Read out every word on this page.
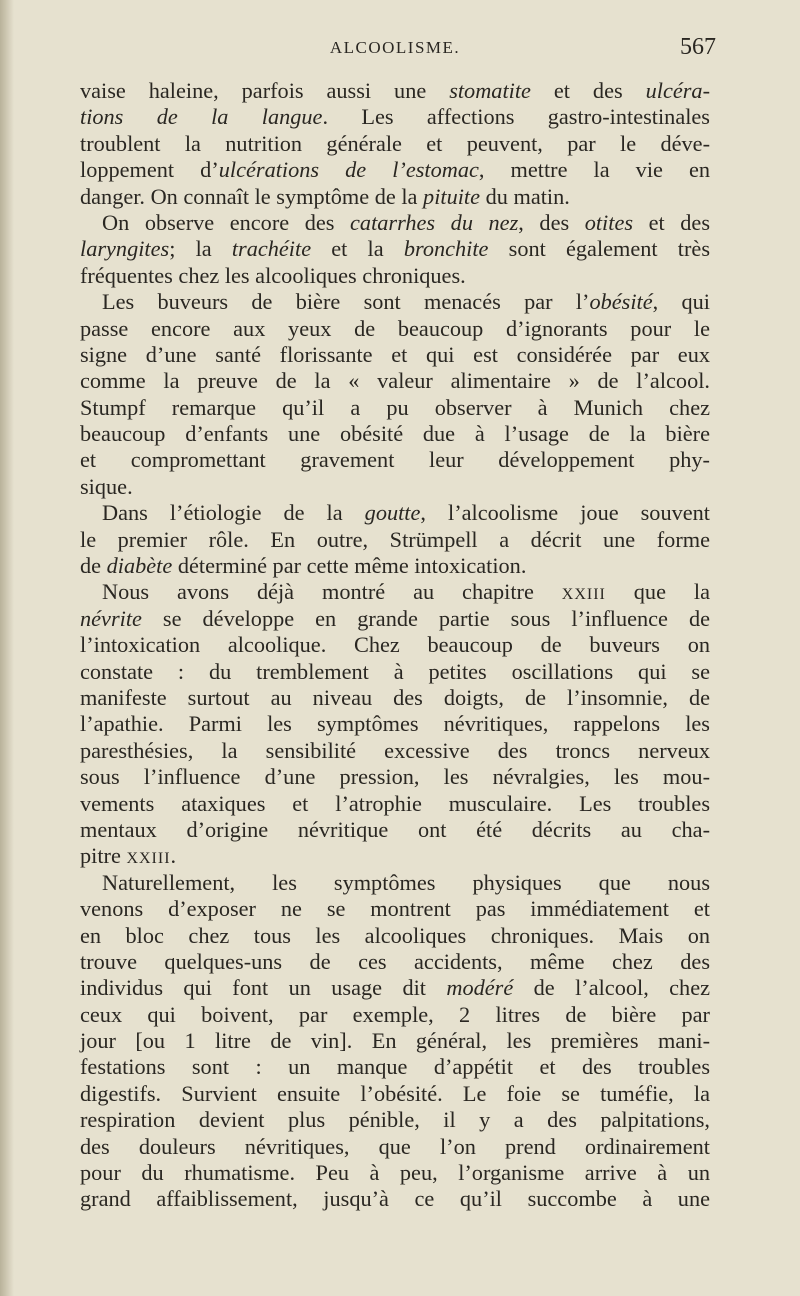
ALCOOLISME.	567
vaise haleine, parfois aussi une stomatite et des ulcéra-
tions de la langue. Les affections gastro-intestinales
troublent la nutrition générale et peuvent, par le déve-
loppement d’ulcérations de l’estomac, mettre la vie en
danger. On connaît le symptôme de la pituite du matin.
On observe encore des catarrhes du nez, des otites et des
laryngites; la trachéite et la bronchite sont également très
fréquentes chez les alcooliques chroniques.
Les buveurs de bière sont menacés par l’obésité, qui
passe encore aux yeux de beaucoup d’ignorants pour le
signe d’une santé florissante et qui est considérée par eux
comme la preuve de la « valeur alimentaire » de l’alcool.
Stumpf remarque qu’il a pu observer à Munich chez
beaucoup d’enfants une obésité due à l’usage de la bière
et compromettant gravement leur développement phy-
sique.
Dans l’étiologie de la goutte, l’alcoolisme joue souvent
le premier rôle. En outre, Strümpell a décrit une forme
de diabète déterminé par cette même intoxication.
Nous avons déjà montré au chapitre XXIII que la
névrite se développe en grande partie sous l’influence de
l’intoxication alcoolique. Chez beaucoup de buveurs on
constate : du tremblement à petites oscillations qui se
manifeste surtout au niveau des doigts, de l’insomnie, de
l’apathie. Parmi les symptômes névritiques, rappelons les
paresthésies, la sensibilité excessive des troncs nerveux
sous l’influence d’une pression, les névralgies, les mou-
vements ataxiques et l’atrophie musculaire. Les troubles
mentaux d’origine névritique ont été décrits au cha-
pitre XXIII.
Naturellement, les symptômes physiques que nous
venons d’exposer ne se montrent pas immédiatement et
en bloc chez tous les alcooliques chroniques. Mais on
trouve quelques-uns de ces accidents, même chez des
individus qui font un usage dit modéré de l’alcool, chez
ceux qui boivent, par exemple, 2 litres de bière par
jour [ou 1 litre de vin]. En général, les premières mani-
festations sont : un manque d’appétit et des troubles
digestifs. Survient ensuite l’obésité. Le foie se tuméfie, la
respiration devient plus pénible, il y a des palpitations,
des douleurs névritiques, que l’on prend ordinairement
pour du rhumatisme. Peu à peu, l’organisme arrive à un
grand affaiblissement, jusqu’à ce qu’il succombe à une
